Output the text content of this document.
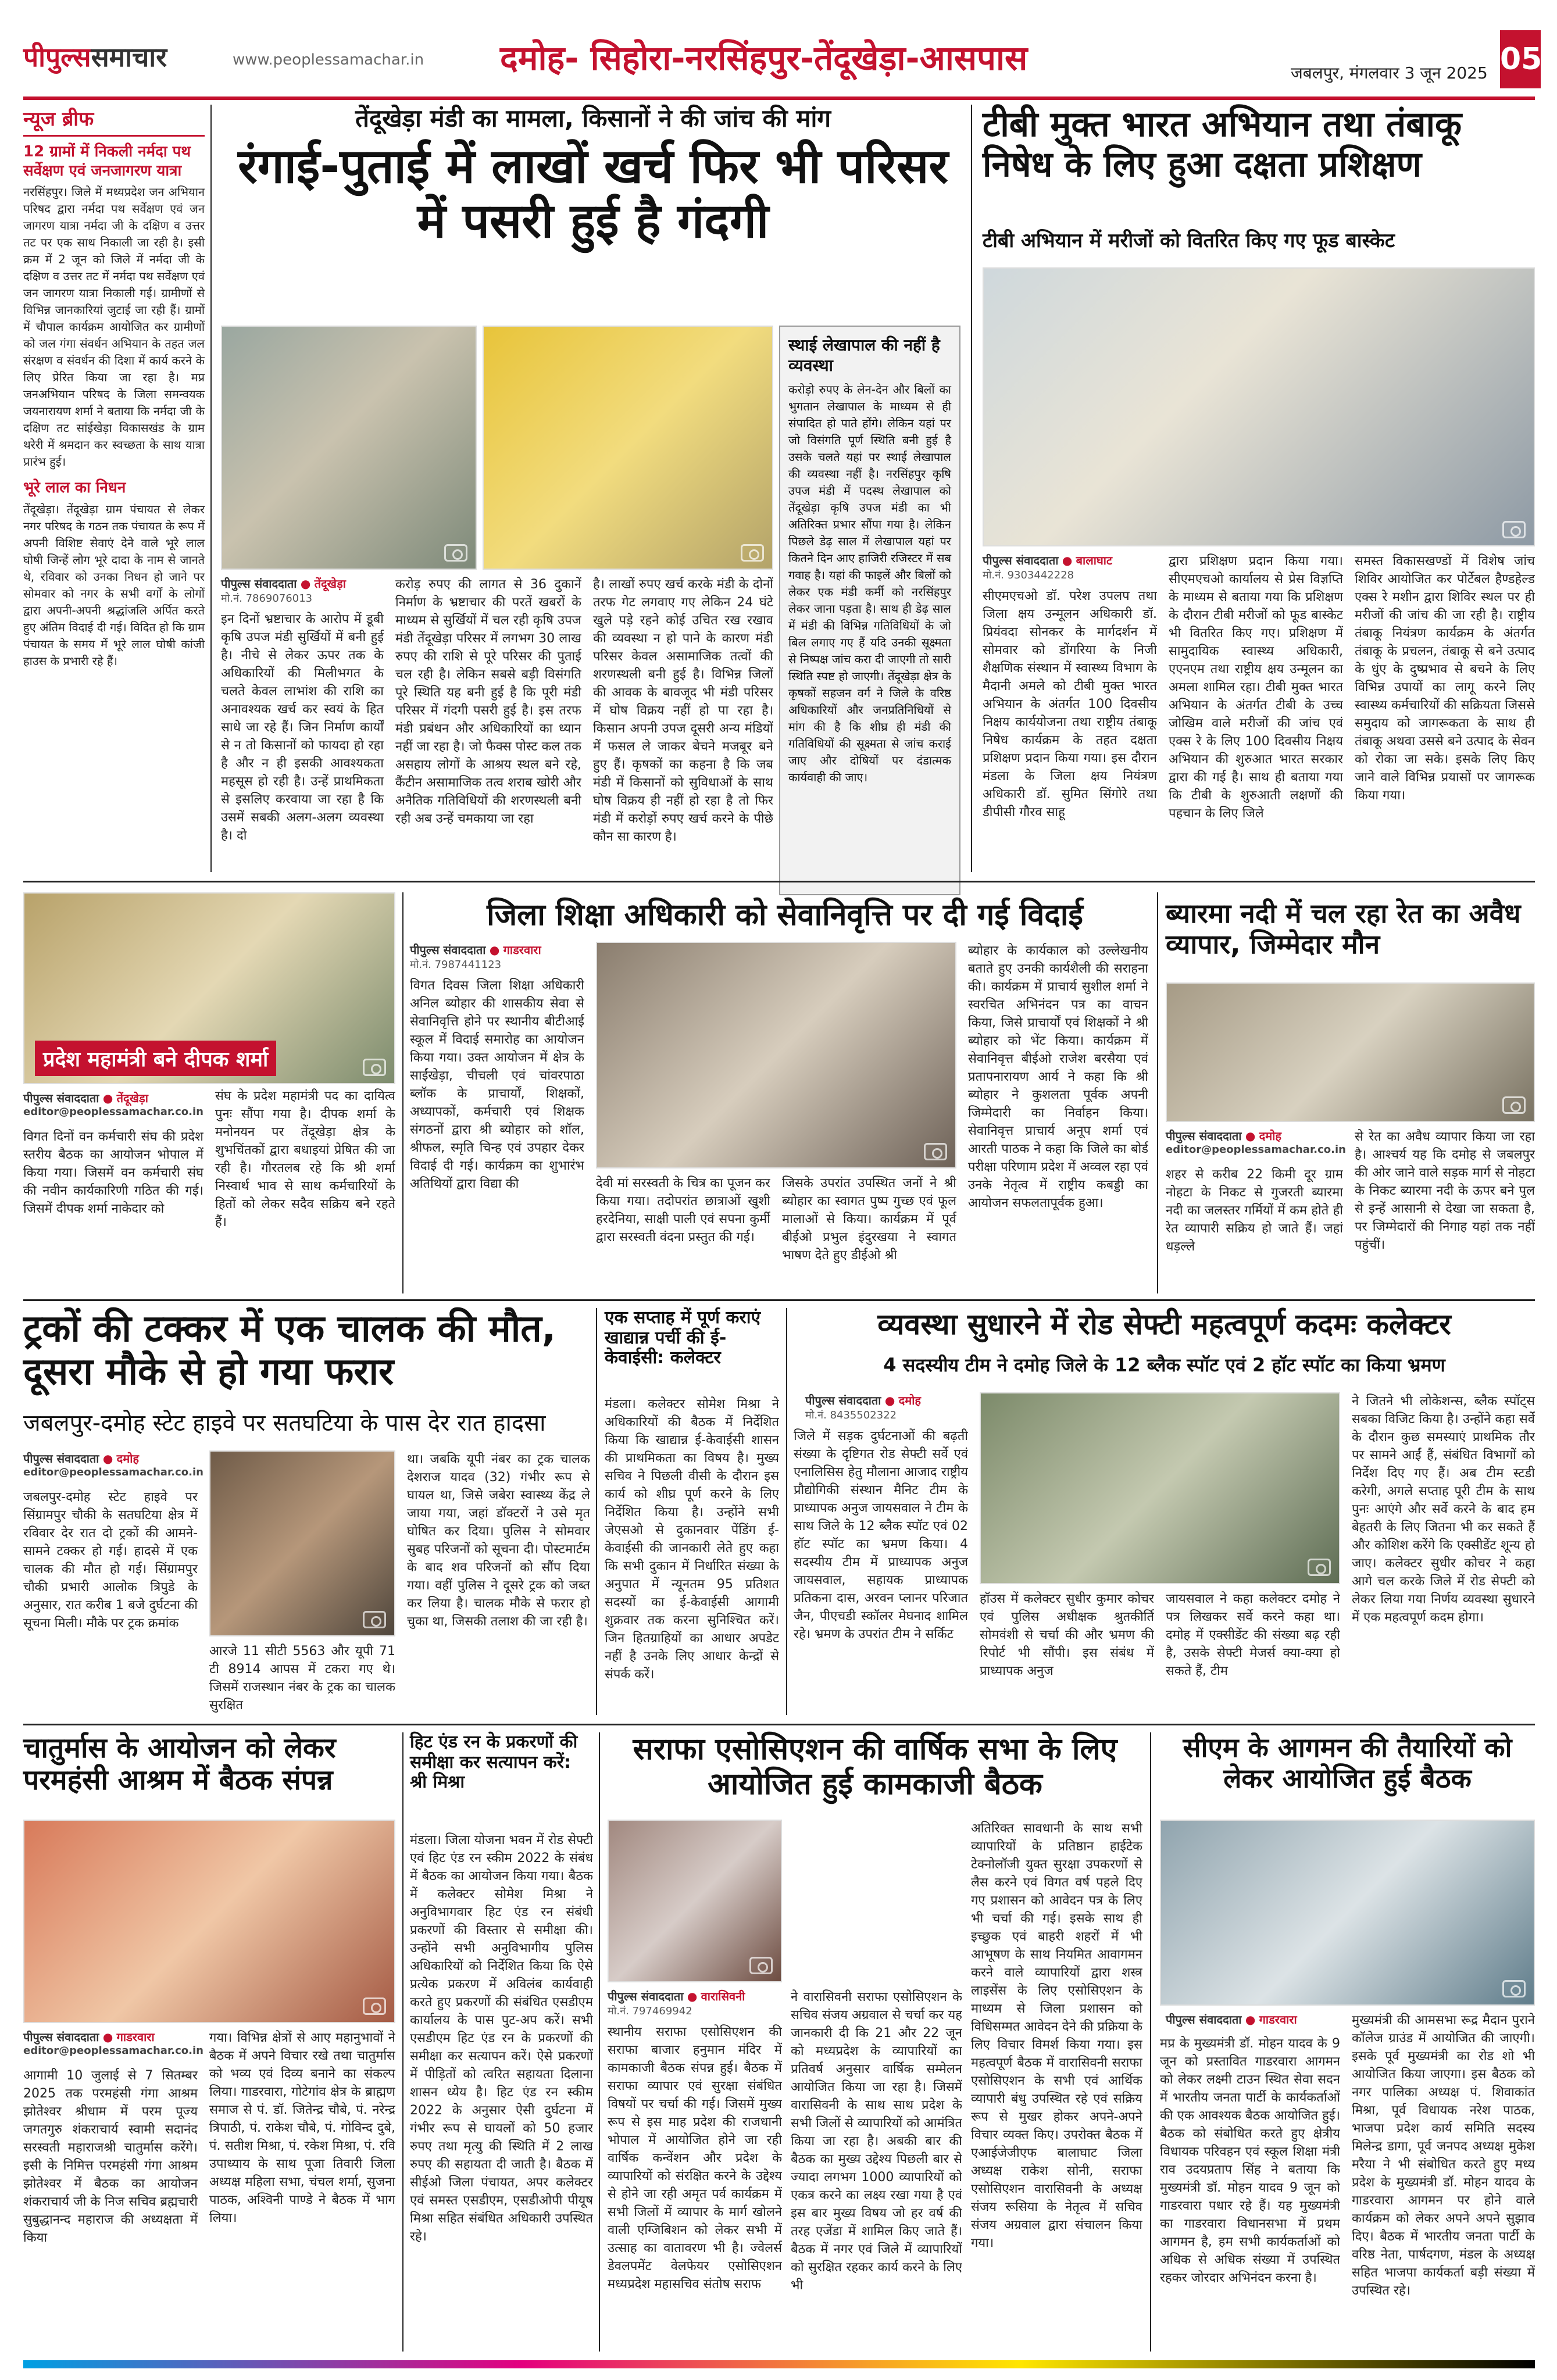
पीपुल्ससमाचार	www.peoplessamachar.in दमोह- सिहोरा-नरसिंहपुर-तेंदूखेड़ा-आसपास	जबलपुर, मंगलवार 3 जून 2025 05
न्यूज ब्रीफ
12 ग्रामों में निकली नर्मदा पथ सर्वेक्षण एवं जनजागरण यात्रा
नरसिंहपुर। जिले में मध्यप्रदेश जन अभियान परिषद द्वारा नर्मदा पथ सर्वेक्षण एवं जन जागरण यात्रा नर्मदा जी के दक्षिण व उत्तर तट पर एक साथ निकाली जा रही है। इसी क्रम में 2 जून को जिले में नर्मदा जी के दक्षिण व उत्तर तट में नर्मदा पथ सर्वेक्षण एवं जन जागरण यात्रा निकाली गई। ग्रामीणों से विभिन्न जानकारियां जुटाई जा रही हैं। ग्रामों में चौपाल कार्यक्रम आयोजित कर ग्रामीणों को जल गंगा संवर्धन अभियान के तहत जल संरक्षण व संवर्धन की दिशा में कार्य करने के लिए प्रेरित किया जा रहा है। मप्र जनअभियान परिषद के जिला समन्वयक जयनारायण शर्मा ने बताया कि नर्मदा जी के दक्षिण तट सांईखेड़ा विकासखंड के ग्राम थरेरी में श्रमदान कर स्वच्छता के साथ यात्रा प्रारंभ हुई।
भूरे लाल का निधन
तेंदूखेड़ा। तेंदूखेड़ा ग्राम पंचायत से लेकर नगर परिषद के गठन तक पंचायत के रूप में अपनी विशिष्ट सेवाएं देने वाले भूरे लाल घोषी जिन्हें लोग भूरे दादा के नाम से जानते थे, रविवार को उनका निधन हो जाने पर सोमवार को नगर के सभी वर्गों के लोगों द्वारा अपनी-अपनी श्रद्धांजलि अर्पित करते हुए अंतिम विदाई दी गई। विदित हो कि ग्राम पंचायत के समय में भूरे लाल घोषी कांजी हाउस के प्रभारी रहे हैं।
तेंदूखेड़ा मंडी का मामला, किसानों ने की जांच की मांग
रंगाई-पुताई में लाखों खर्च फिर भी परिसर में पसरी हुई है गंदगी
पीपुल्स संवाददाता ● तेंदूखेड़ा
मो.नं. 7869076013
इन दिनों भ्रष्टाचार के आरोप में डूबी कृषि उपज मंडी सुर्खियों में बनी हुई है। नीचे से लेकर ऊपर तक के अधिकारियों की मिलीभगत के चलते केवल लाभांश की राशि का अनावश्यक खर्च कर स्वयं के हित साधे जा रहे हैं। जिन निर्माण कार्यों से न तो किसानों को फायदा हो रहा है और न ही इसकी आवश्यकता महसूस हो रही है। उन्हें प्राथमिकता से इसलिए करवाया जा रहा है कि उसमें सबकी अलग-अलग व्यवस्था है। दो
करोड़ रुपए की लागत से 36 दुकानें निर्माण के भ्रष्टाचार की परतें खबरों के माध्यम से सुर्खियों में चल रही कृषि उपज मंडी तेंदूखेड़ा परिसर में लगभग 30 लाख रुपए की राशि से पूरे परिसर की पुताई चल रही है। लेकिन सबसे बड़ी विसंगति पूरे स्थिति यह बनी हुई है कि पूरी मंडी परिसर में गंदगी पसरी हुई है। इस तरफ मंडी प्रबंधन और अधिकारियों का ध्यान नहीं जा रहा है। जो फैक्स पोस्ट कल तक असहाय लोगों के आश्रय स्थल बने रहे, कैंटीन असामाजिक तत्व शराब खोरी और अनैतिक गतिविधियों की शरणस्थली बनी रही अब उन्हें चमकाया जा रहा
है। लाखों रुपए खर्च करके मंडी के दोनों तरफ गेट लगवाए गए लेकिन 24 घंटे खुले पड़े रहने कोई उचित रख रखाव की व्यवस्था न हो पाने के कारण मंडी परिसर केवल असामाजिक तत्वों की शरणस्थली बनी हुई है। विभिन्न जिलों की आवक के बावजूद भी मंडी परिसर में घोष विक्रय नहीं हो पा रहा है। किसान अपनी उपज दूसरी अन्य मंडियों में फसल ले जाकर बेचने मजबूर बने हुए हैं। कृषकों का कहना है कि जब मंडी में किसानों को सुविधाओं के साथ घोष विक्रय ही नहीं हो रहा है तो फिर मंडी में करोड़ों रुपए खर्च करने के पीछे कौन सा कारण है।
स्थाई लेखापाल की नहीं है व्यवस्था
करोड़ो रुपए के लेन-देन और बिलों का भुगतान लेखापाल के माध्यम से ही संपादित हो पाते होंगे। लेकिन यहां पर जो विसंगति पूर्ण स्थिति बनी हुई है उसके चलते यहां पर स्थाई लेखापाल की व्यवस्था नहीं है। नरसिंहपुर कृषि उपज मंडी में पदस्थ लेखापाल को तेंदूखेड़ा कृषि उपज मंडी का भी अतिरिक्त प्रभार सौंपा गया है। लेकिन पिछले डेढ़ साल में लेखापाल यहां पर कितने दिन आए हाजिरी रजिस्टर में सब गवाह है। यहां की फाइलें और बिलों को लेकर एक मंडी कर्मी को नरसिंहपुर लेकर जाना पड़ता है। साथ ही डेढ़ साल में मंडी की विभिन्न गतिविधियों के जो बिल लगाए गए हैं यदि उनकी सूक्ष्मता से निष्पक्ष जांच करा दी जाएगी तो सारी स्थिति स्पष्ट हो जाएगी। तेंदूखेड़ा क्षेत्र के कृषकों सहजन वर्ग ने जिले के वरिष्ठ अधिकारियों और जनप्रतिनिधियों से मांग की है कि शीघ्र ही मंडी की गतिविधियों की सूक्ष्मता से जांच कराई जाए और दोषियों पर दंडात्मक कार्यवाही की जाए।
टीबी मुक्त भारत अभियान तथा तंबाकू निषेध के लिए हुआ दक्षता प्रशिक्षण
टीबी अभियान में मरीजों को वितरित किए गए फूड बास्केट
पीपुल्स संवाददाता ● बालाघाट
मो.नं. 9303442228
सीएमएचओ डॉ. परेश उपलप तथा जिला क्षय उन्मूलन अधिकारी डॉ. प्रियंवदा सोनकर के मार्गदर्शन में सोमवार को डोंगरिया के निजी शैक्षणिक संस्थान में स्वास्थ्य विभाग के मैदानी अमले को टीबी मुक्त भारत अभियान के अंतर्गत 100 दिवसीय निक्षय कार्ययोजना तथा राष्ट्रीय तंबाकू निषेध कार्यक्रम के तहत दक्षता प्रशिक्षण प्रदान किया गया। इस दौरान मंडला के जिला क्षय नियंत्रण अधिकारी डॉ. सुमित सिंगोरे तथा डीपीसी गौरव साहू
द्वारा प्रशिक्षण प्रदान किया गया। सीएमएचओ कार्यालय से प्रेस विज्ञप्ति के माध्यम से बताया गया कि प्रशिक्षण के दौरान टीबी मरीजों को फूड बास्केट भी वितरित किए गए। प्रशिक्षण में सामुदायिक स्वास्थ्य अधिकारी, एएनएम तथा राष्ट्रीय क्षय उन्मूलन का अमला शामिल रहा। टीबी मुक्त भारत अभियान के अंतर्गत टीबी के उच्च जोखिम वाले मरीजों की जांच एवं एक्स रे के लिए 100 दिवसीय निक्षय अभियान की शुरुआत भारत सरकार द्वारा की गई है। साथ ही बताया गया कि टीबी के शुरुआती लक्षणों की पहचान के लिए जिले
समस्त विकासखण्डों में विशेष जांच शिविर आयोजित कर पोर्टेबल हैण्डहेल्ड एक्स रे मशीन द्वारा शिविर स्थल पर ही मरीजों की जांच की जा रही है। राष्ट्रीय तंबाकू नियंत्रण कार्यक्रम के अंतर्गत तंबाकू के प्रचलन, तंबाकू से बने उत्पाद के धुंए के दुष्प्रभाव से बचने के लिए विभिन्न उपायों का लागू करने लिए स्वास्थ्य कर्मचारियों की सक्रियता जिससे समुदाय को जागरूकता के साथ ही तंबाकू अथवा उससे बने उत्पाद के सेवन को रोका जा सके। इसके लिए किए जाने वाले विभिन्न प्रयासों पर जागरूक किया गया।
प्रदेश महामंत्री बने दीपक शर्मा
पीपुल्स संवाददाता ● तेंदूखेड़ा
editor@peoplessamachar.co.in
विगत दिनों वन कर्मचारी संघ की प्रदेश स्तरीय बैठक का आयोजन भोपाल में किया गया। जिसमें वन कर्मचारी संघ की नवीन कार्यकारिणी गठित की गई। जिसमें दीपक शर्मा नाकेदार को
संघ के प्रदेश महामंत्री पद का दायित्व पुनः सौंपा गया है। दीपक शर्मा के मनोनयन पर तेंदूखेड़ा क्षेत्र के शुभचिंतकों द्वारा बधाइयां प्रेषित की जा रही है। गौरतलब रहे कि श्री शर्मा निस्वार्थ भाव से साथ कर्मचारियों के हितों को लेकर सदैव सक्रिय बने रहते हैं।
जिला शिक्षा अधिकारी को सेवानिवृत्ति पर दी गई विदाई
पीपुल्स संवाददाता ● गाडरवारा
मो.नं. 7987441123
विगत दिवस जिला शिक्षा अधिकारी अनिल ब्योहार की शासकीय सेवा से सेवानिवृत्ति होने पर स्थानीय बीटीआई स्कूल में विदाई समारोह का आयोजन किया गया। उक्त आयोजन में क्षेत्र के साईंखेड़ा, चीचली एवं चांवरपाठा ब्लॉक के प्राचार्यों, शिक्षकों, अध्यापकों, कर्मचारी एवं शिक्षक संगठनों द्वारा श्री ब्योहार को शॉल, श्रीफल, स्मृति चिन्ह एवं उपहार देकर विदाई दी गई। कार्यक्रम का शुभारंभ अतिथियों द्वारा विद्या की	देवी मां सरस्वती के चित्र का पूजन कर किया गया। तदोपरांत छात्राओं खुशी हरदेनिया, साक्षी पाली एवं सपना कुर्मी द्वारा सरस्वती वंदना प्रस्तुत की गई।
जिसके उपरांत उपस्थित जनों ने श्री ब्योहार का स्वागत पुष्प गुच्छ एवं फूल मालाओं से किया। कार्यक्रम में पूर्व बीईओ प्रभुल इंदुरखया ने स्वागत भाषण देते हुए डीईओ श्री
ब्योहार के कार्यकाल को उल्लेखनीय बताते हुए उनकी कार्यशैली की सराहना की। कार्यक्रम में प्राचार्य सुशील शर्मा ने स्वरचित अभिनंदन पत्र का वाचन किया, जिसे प्राचार्यों एवं शिक्षकों ने श्री ब्योहार को भेंट किया। कार्यक्रम में सेवानिवृत्त बीईओ राजेश बरसैया एवं प्रतापनारायण आर्य ने कहा कि श्री ब्योहार ने कुशलता पूर्वक अपनी जिम्मेदारी का निर्वाहन किया। सेवानिवृत्त प्राचार्य अनूप शर्मा एवं आरती पाठक ने कहा कि जिले का बोर्ड परीक्षा परिणाम प्रदेश में अव्वल रहा एवं उनके नेतृत्व में राष्ट्रीय कबड्डी का आयोजन सफलतापूर्वक हुआ।
ब्यारमा नदी में चल रहा रेत का अवैध व्यापार, जिम्मेदार मौन
पीपुल्स संवाददाता ● दमोह
editor@peoplessamachar.co.in
शहर से करीब 22 किमी दूर ग्राम नोहटा के निकट से गुजरती ब्यारमा नदी का जलस्तर गर्मियों में कम होते ही रेत व्यापारी सक्रिय हो जाते हैं। जहां धड़ल्ले
से रेत का अवैध व्यापार किया जा रहा है। आश्चर्य यह कि दमोह से जबलपुर की ओर जाने वाले सड़क मार्ग से नोहटा के निकट ब्यारमा नदी के ऊपर बने पुल से इन्हें आसानी से देखा जा सकता है, पर जिम्मेदारों की निगाह यहां तक नहीं पहुंचीं।
ट्रकों की टक्कर में एक चालक की मौत, दूसरा मौके से हो गया फरार
जबलपुर-दमोह स्टेट हाइवे पर सतघटिया के पास देर रात हादसा
पीपुल्स संवाददाता ● दमोह
editor@peoplessamachar.co.in
जबलपुर-दमोह स्टेट हाइवे पर सिंग्रामपुर चौकी के सतघटिया क्षेत्र में रविवार देर रात दो ट्रकों की आमने-सामने टक्कर हो गई। हादसे में एक चालक की मौत हो गई। सिंग्रामपुर चौकी प्रभारी आलोक त्रिपुडे के अनुसार, रात करीब 1 बजे दुर्घटना की सूचना मिली। मौके पर ट्रक क्रमांक
आरजे 11 सीटी 5563 और यूपी 71 टी 8914 आपस में टकरा गए थे। जिसमें राजस्थान नंबर के ट्रक का चालक सुरक्षित
था। जबकि यूपी नंबर का ट्रक चालक देशराज यादव (32) गंभीर रूप से घायल था, जिसे जबेरा स्वास्थ्य केंद्र ले जाया गया, जहां डॉक्टरों ने उसे मृत घोषित कर दिया। पुलिस ने सोमवार सुबह परिजनों को सूचना दी। पोस्टमार्टम के बाद शव परिजनों को सौंप दिया गया। वहीं पुलिस ने दूसरे ट्रक को जब्त कर लिया है। चालक मौके से फरार हो चुका था, जिसकी तलाश की जा रही है।
एक सप्ताह में पूर्ण कराएं खाद्यान्न पर्ची की ई-केवाईसी: कलेक्टर
मंडला। कलेक्टर सोमेश मिश्रा ने अधिकारियों की बैठक में निर्देशित किया कि खाद्यान्न ई-केवाईसी शासन की प्राथमिकता का विषय है। मुख्य सचिव ने पिछली वीसी के दौरान इस कार्य को शीघ्र पूर्ण करने के लिए निर्देशित किया है। उन्होंने सभी जेएसओ से दुकानवार पेंडिंग ई-केवाईसी की जानकारी लेते हुए कहा कि सभी दुकान में निर्धारित संख्या के अनुपात में न्यूनतम 95 प्रतिशत सदस्यों का ई-केवाईसी आगामी शुक्रवार तक करना सुनिश्चित करें। जिन हितग्राहियों का आधार अपडेट नहीं है उनके लिए आधार केन्द्रों से संपर्क करें।
व्यवस्था सुधारने में रोड सेफ्टी महत्वपूर्ण कदमः कलेक्टर
4 सदस्यीय टीम ने दमोह जिले के 12 ब्लैक स्पॉट एवं 2 हॉट स्पॉट का किया भ्रमण
पीपुल्स संवाददाता ● दमोह
मो.नं. 8435502322
जिले में सड़क दुर्घटनाओं की बढ़ती संख्या के दृष्टिगत रोड सेफ्टी सर्वे एवं एनालिसिस हेतु मौलाना आजाद राष्ट्रीय प्रौद्योगिकी संस्थान मैनिट टीम के प्राध्यापक अनुज जायसवाल ने टीम के साथ जिले के 12 ब्लैक स्पॉट एवं 02 हॉट स्पॉट का भ्रमण किया। 4 सदस्यीय टीम में प्राध्यापक अनुज जायसवाल, सहायक प्राध्यापक प्रतिकना दास, अरवन प्लानर परिजात जैन, पीएचडी स्कॉलर मेघनाद शामिल रहे। भ्रमण के उपरांत टीम ने सर्किट
हॉउस में कलेक्टर सुधीर कुमार कोचर एवं पुलिस अधीक्षक श्रुतकीर्ति सोमवंशी से चर्चा की और भ्रमण की रिपोर्ट भी सौंपी। इस संबंध में प्राध्यापक अनुज
जायसवाल ने कहा कलेक्टर दमोह ने पत्र लिखकर सर्वे करने कहा था। दमोह में एक्सीडेंट की संख्या बढ़ रही है, उसके सेफ्टी मेजर्स क्या-क्या हो सकते हैं, टीम
ने जितने भी लोकेशन्स, ब्लैक स्पॉट्स सबका विजिट किया है। उन्होंने कहा सर्वे के दौरान कुछ समस्याएं प्राथमिक तौर पर सामने आईं हैं, संबंधित विभागों को निर्देश दिए गए हैं। अब टीम स्टडी करेगी, अगले सप्ताह पूरी टीम के साथ पुनः आएंगे और सर्वे करने के बाद हम बेहतरी के लिए जितना भी कर सकते हैं और कोशिश करेंगे कि एक्सीडेंट शून्य हो जाए। कलेक्टर सुधीर कोचर ने कहा आगे चल करके जिले में रोड सेफ्टी को लेकर लिया गया निर्णय व्यवस्था सुधारने में एक महत्वपूर्ण कदम होगा।
चातुर्मास के आयोजन को लेकर परमहंसी आश्रम में बैठक संपन्न
पीपुल्स संवाददाता ● गाडरवारा
editor@peoplessamachar.co.in
आगामी 10 जुलाई से 7 सितम्बर 2025 तक परमहंसी गंगा आश्रम झोतेश्वर श्रीधाम में परम पूज्य जगतगुरु शंकराचार्य स्वामी सदानंद सरस्वती महाराजश्री चातुर्मास करेंगे। इसी के निमित्त परमहंसी गंगा आश्रम झोतेश्वर में बैठक का आयोजन शंकराचार्य जी के निज सचिव ब्रह्मचारी सुबुद्धानन्द महाराज की अध्यक्षता में किया
गया। विभिन्न क्षेत्रों से आए महानुभावों ने बैठक में अपने विचार रखे तथा चातुर्मास को भव्य एवं दिव्य बनाने का संकल्प लिया। गाडरवारा, गोटेगांव क्षेत्र के ब्राह्मण समाज से पं. डॉ. जितेन्द्र चौबे, पं. नरेन्द्र त्रिपाठी, पं. राकेश चौबे, पं. गोविन्द दुबे, पं. सतीश मिश्रा, पं. रकेश मिश्रा, पं. रवि उपाध्याय के साथ पूजा तिवारी जिला अध्यक्ष महिला सभा, चंचल शर्मा, सुजना पाठक, अश्विनी पाण्डे ने बैठक में भाग लिया।
हिट एंड रन के प्रकरणों की समीक्षा कर सत्यापन करें: श्री मिश्रा
मंडला। जिला योजना भवन में रोड सेफ्टी एवं हिट एंड रन स्कीम 2022 के संबंध में बैठक का आयोजन किया गया। बैठक में कलेक्टर सोमेश मिश्रा ने अनुविभागवार हिट एंड रन संबंधी प्रकरणों की विस्तार से समीक्षा की। उन्होंने सभी अनुविभागीय पुलिस अधिकारियों को निर्देशित किया कि ऐसे प्रत्येक प्रकरण में अविलंब कार्यवाही करते हुए प्रकरणों की संबंधित एसडीएम कार्यालय के पास पुट-अप करें। सभी एसडीएम हिट एंड रन के प्रकरणों की समीक्षा कर सत्यापन करें। ऐसे प्रकरणों में पीड़ितों को त्वरित सहायता दिलाना शासन ध्येय है। हिट एंड रन स्कीम 2022 के अनुसार ऐसी दुर्घटना में गंभीर रूप से घायलों को 50 हजार रुपए तथा मृत्यु की स्थिति में 2 लाख रुपए की सहायता दी जाती है। बैठक में सीईओ जिला पंचायत, अपर कलेक्टर एवं समस्त एसडीएम, एसडीओपी पीयूष मिश्रा सहित संबंधित अधिकारी उपस्थित रहे।
सराफा एसोसिएशन की वार्षिक सभा के लिए आयोजित हुई कामकाजी बैठक
पीपुल्स संवाददाता ● वारासिवनी
मो.नं. 797469942
स्थानीय सराफा एसोसिएशन की सराफा बाजार हनुमान मंदिर में कामकाजी बैठक संपन्न हुई। बैठक में सराफा व्यापार एवं सुरक्षा संबंधित विषयों पर चर्चा की गई। जिसमें मुख्य रूप से इस माह प्रदेश की राजधानी भोपाल में आयोजित होने जा रही वार्षिक कन्वेंशन और प्रदेश के व्यापारियों को संरक्षित करने के उद्देश्य से होने जा रही अमृत पर्व कार्यक्रम में सभी जिलों में व्यापार के मार्ग खोलने वाली एग्जिबिशन को लेकर सभी में उत्साह का वातावरण भी है। ज्वेलर्स डेवलपमेंट वेलफेयर एसोसिएशन मध्यप्रदेश महासचिव संतोष सराफ
ने वारासिवनी सराफा एसोसिएशन के सचिव संजय अग्रवाल से चर्चा कर यह जानकारी दी कि 21 और 22 जून को मध्यप्रदेश के व्यापारियों का प्रतिवर्ष अनुसार वार्षिक सम्मेलन आयोजित किया जा रहा है। जिसमें वारासिवनी के साथ साथ प्रदेश के सभी जिलों से व्यापारियों को आमंत्रित किया जा रहा है। अबकी बार की बैठक का मुख्य उद्देश्य पिछली बार से ज्यादा लगभग 1000 व्यापारियों को एकत्र करने का लक्ष्य रखा गया है एवं इस बार मुख्य विषय जो हर वर्ष की तरह एजेंडा में शामिल किए जाते हैं। बैठक में नगर एवं जिले में व्यापारियों को सुरक्षित रहकर कार्य करने के लिए भी
अतिरिक्त सावधानी के साथ सभी व्यापारियों के प्रतिष्ठान हाईटेक टेक्नोलॉजी युक्त सुरक्षा उपकरणों से लैस करने एवं विगत वर्ष पहले दिए गए प्रशासन को आवेदन पत्र के लिए भी चर्चा की गई। इसके साथ ही इच्छुक एवं बाहरी शहरों में भी आभूषण के साथ नियमित आवागमन करने वाले व्यापारियों द्वारा शस्त्र लाइसेंस के लिए एसोसिएशन के माध्यम से जिला प्रशासन को विधिसम्मत आवेदन देने की प्रक्रिया के लिए विचार विमर्श किया गया। इस महत्वपूर्ण बैठक में वारासिवनी सराफा एसोसिएशन के सभी एवं आर्थिक व्यापारी बंधु उपस्थित रहे एवं सक्रिय रूप से मुखर होकर अपने-अपने विचार व्यक्त किए। उपरोक्त बैठक में एआईजेजीएफ बालाघाट जिला अध्यक्ष राकेश सोनी, सराफा एसोसिएशन वारासिवनी के अध्यक्ष संजय रूसिया के नेतृत्व में सचिव संजय अग्रवाल द्वारा संचालन किया गया।
सीएम के आगमन की तैयारियों को लेकर आयोजित हुई बैठक
पीपुल्स संवाददाता ● गाडरवारा
मप्र के मुख्यमंत्री डॉ. मोहन यादव के 9 जून को प्रस्तावित गाडरवारा आगमन को लेकर लक्ष्मी टाउन स्थित सेवा सदन में भारतीय जनता पार्टी के कार्यकर्ताओं की एक आवश्यक बैठक आयोजित हुई। बैठक को संबोधित करते हुए क्षेत्रीय विधायक परिवहन एवं स्कूल शिक्षा मंत्री राव उदयप्रताप सिंह ने बताया कि मुख्यमंत्री डॉ. मोहन यादव 9 जून को गाडरवारा पधार रहे हैं। यह मुख्यमंत्री का गाडरवारा विधानसभा में प्रथम आगमन है, हम सभी कार्यकर्ताओं को अधिक से अधिक संख्या में उपस्थित रहकर जोरदार अभिनंदन करना है।
मुख्यमंत्री की आमसभा रूद्र मैदान पुराने कॉलेज ग्राउंड में आयोजित की जाएगी। इसके पूर्व मुख्यमंत्री का रोड शो भी आयोजित किया जाएगा। इस बैठक को नगर पालिका अध्यक्ष पं. शिवाकांत मिश्रा, पूर्व विधायक नरेश पाठक, भाजपा प्रदेश कार्य समिति सदस्य मिलेन्द्र डागा, पूर्व जनपद अध्यक्ष मुकेश मरैया ने भी संबोधित करते हुए मध्य प्रदेश के मुख्यमंत्री डॉ. मोहन यादव के गाडरवारा आगमन पर होने वाले कार्यक्रम को लेकर अपने अपने सुझाव दिए। बैठक में भारतीय जनता पार्टी के वरिष्ठ नेता, पार्षदगण, मंडल के अध्यक्ष सहित भाजपा कार्यकर्ता बड़ी संख्या में उपस्थित रहे।
